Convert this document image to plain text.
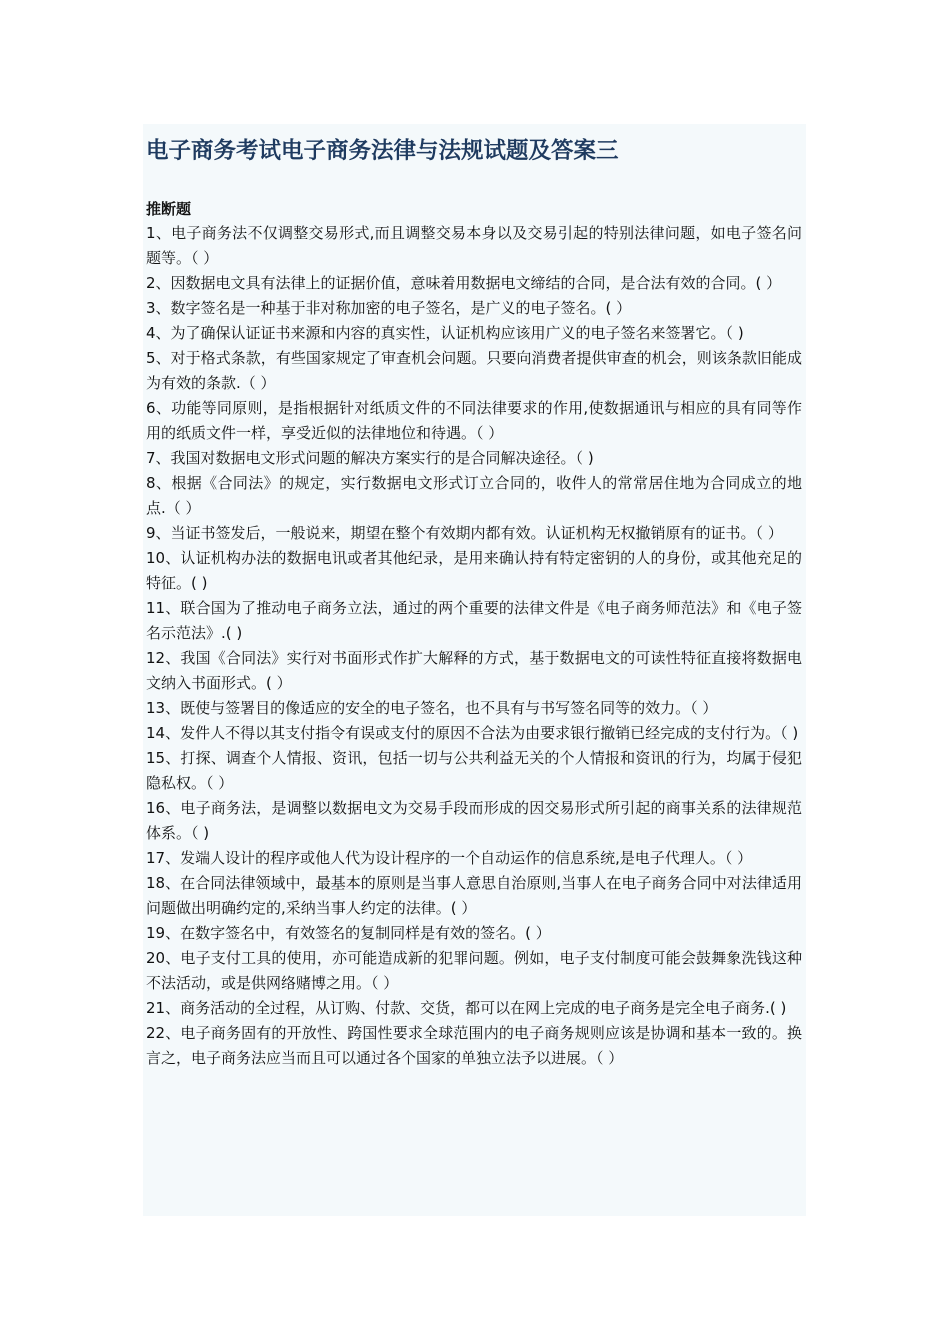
电子商务考试电子商务法律与法规试题及答案三
推断题
1、电子商务法不仅调整交易形式,而且调整交易本身以及交易引起的特别法律问题，如电子签名问题等。（ ）
2、因数据电文具有法律上的证据价值，意味着用数据电文缔结的合同，是合法有效的合同。( ）
3、数字签名是一种基于非对称加密的电子签名，是广义的电子签名。( ）
4、为了确保认证证书来源和内容的真实性，认证机构应该用广义的电子签名来签署它。（ )
5、对于格式条款，有些国家规定了审查机会问题。只要向消费者提供审查的机会，则该条款旧能成为有效的条款.（ ）
6、功能等同原则，是指根据针对纸质文件的不同法律要求的作用,使数据通讯与相应的具有同等作用的纸质文件一样，享受近似的法律地位和待遇。（ ）
7、我国对数据电文形式问题的解决方案实行的是合同解决途径。（ )
8、根据《合同法》的规定，实行数据电文形式订立合同的，收件人的常常居住地为合同成立的地点.（ ）
9、当证书签发后，一般说来，期望在整个有效期内都有效。认证机构无权撤销原有的证书。（ ）
10、认证机构办法的数据电讯或者其他纪录，是用来确认持有特定密钥的人的身份，或其他充足的特征。( )
11、联合国为了推动电子商务立法，通过的两个重要的法律文件是《电子商务师范法》和《电子签名示范法》.( )
12、我国《合同法》实行对书面形式作扩大解释的方式，基于数据电文的可读性特征直接将数据电文纳入书面形式。( ）
13、既使与签署目的像适应的安全的电子签名，也不具有与书写签名同等的效力。（ ）
14、发件人不得以其支付指令有误或支付的原因不合法为由要求银行撤销已经完成的支付行为。（ )
15、打探、调查个人情报、资讯，包括一切与公共利益无关的个人情报和资讯的行为，均属于侵犯隐私权。（ ）
16、电子商务法，是调整以数据电文为交易手段而形成的因交易形式所引起的商事关系的法律规范体系。（ )
17、发端人设计的程序或他人代为设计程序的一个自动运作的信息系统,是电子代理人。（ ）
18、在合同法律领域中，最基本的原则是当事人意思自治原则,当事人在电子商务合同中对法律适用问题做出明确约定的,采纳当事人约定的法律。( ）
19、在数字签名中，有效签名的复制同样是有效的签名。( ）
20、电子支付工具的使用，亦可能造成新的犯罪问题。例如，电子支付制度可能会鼓舞象洗钱这种不法活动，或是供网络赌博之用。（ ）
21、商务活动的全过程，从订购、付款、交货，都可以在网上完成的电子商务是完全电子商务.( )
22、电子商务固有的开放性、跨国性要求全球范围内的电子商务规则应该是协调和基本一致的。换言之，电子商务法应当而且可以通过各个国家的单独立法予以进展。（ ）
